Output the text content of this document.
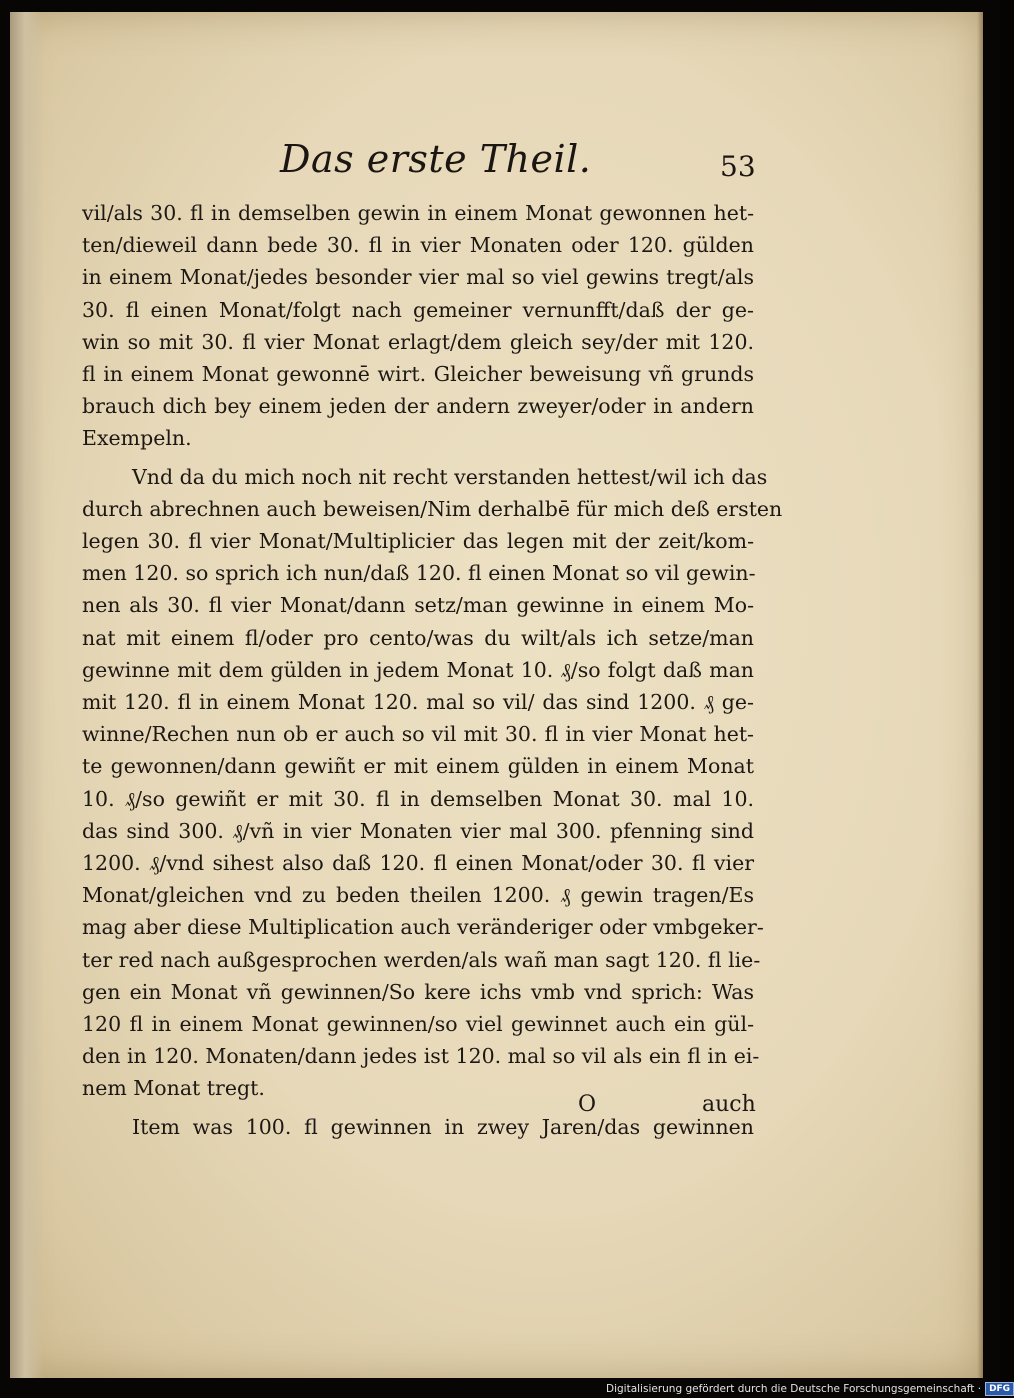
Das erste Theil.	53

vil/als 30. fl in demselben gewin in einem Monat gewonnen het-

ten/dieweil dann bede 30. fl in vier Monaten oder 120. gülden

in einem Monat/jedes besonder vier mal so viel gewins tregt/als

30. fl einen Monat/folgt nach gemeiner vernunfft/daß der ge-

win so mit 30. fl vier Monat erlagt/dem gleich sey/der mit 120.

fl in einem Monat gewonnē wirt. Gleicher beweisung vñ grunds

brauch dich bey einem jeden der andern zweyer/oder in andern

Exempeln.

Vnd da du mich noch nit recht verstanden hettest/wil ich das

durch abrechnen auch beweisen/Nim derhalbē für mich deß ersten

legen 30. fl vier Monat/Multiplicier das legen mit der zeit/kom-

men 120. so sprich ich nun/daß 120. fl einen Monat so vil gewin-

nen als 30. fl vier Monat/dann setz/man gewinne in einem Mo-

nat mit einem fl/oder pro cento/was du wilt/als ich setze/man

gewinne mit dem gülden in jedem Monat 10. ₰/so folgt daß man

mit 120. fl in einem Monat 120. mal so vil/ das sind 1200. ₰ ge-

winne/Rechen nun ob er auch so vil mit 30. fl in vier Monat het-

te gewonnen/dann gewiñt er mit einem gülden in einem Monat

10. ₰/so gewiñt er mit 30. fl in demselben Monat 30. mal 10.

das sind 300. ₰/vñ in vier Monaten vier mal 300. pfenning sind

1200. ₰/vnd sihest also daß 120. fl einen Monat/oder 30. fl vier

Monat/gleichen vnd zu beden theilen 1200. ₰ gewin tragen/Es

mag aber diese Multiplication auch veränderiger oder vmbgeker-

ter red nach außgesprochen werden/als wañ man sagt 120. fl lie-

gen ein Monat vñ gewinnen/So kere ichs vmb vnd sprich: Was

120 fl in einem Monat gewinnen/so viel gewinnet auch ein gül-

den in 120. Monaten/dann jedes ist 120. mal so vil als ein fl in ei-

nem Monat tregt.

Item was 100. fl gewinnen in zwey Jaren/das gewinnen

Digitalisierung gefördert durch die Deutsche Forschungsgemeinschaft · DFG
O	auch
